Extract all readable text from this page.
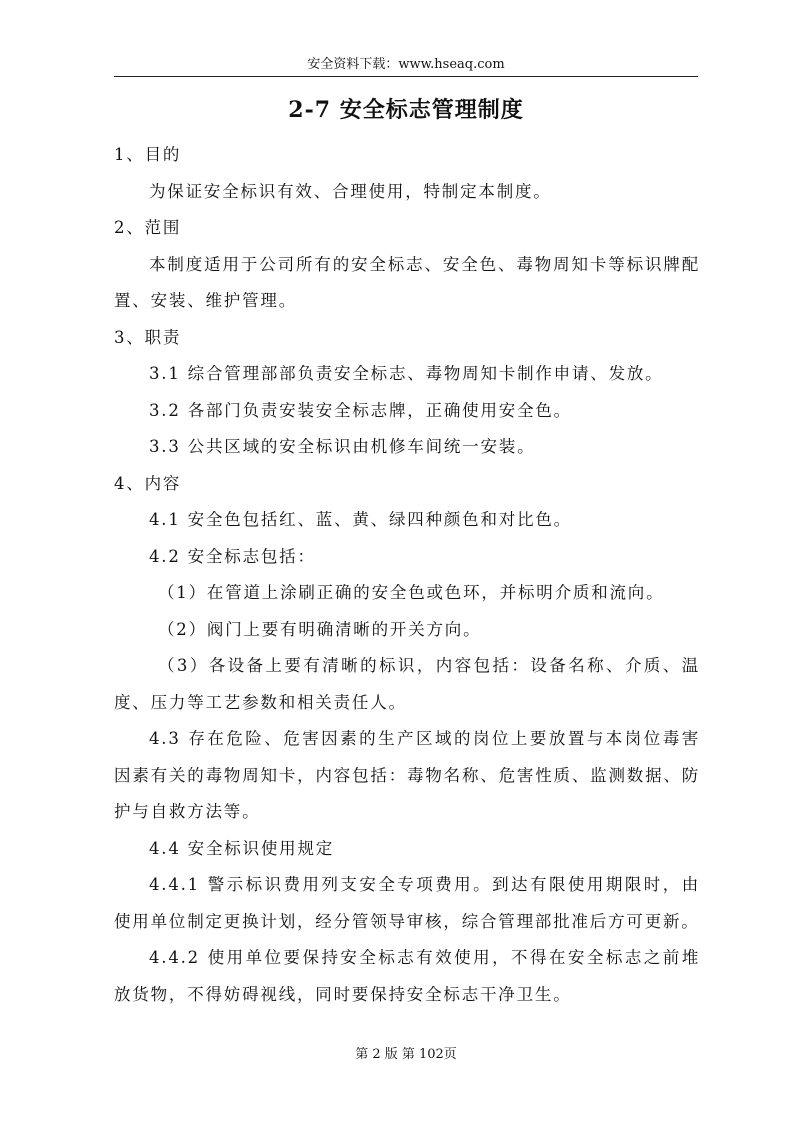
安全资料下载：www.hseaq.com
2-7 安全标志管理制度

1、目的

为保证安全标识有效、合理使用，特制定本制度。

2、范围

本制度适用于公司所有的安全标志、安全色、毒物周知卡等标识牌配置、安装、维护管理。

3、职责

3.1 综合管理部部负责安全标志、毒物周知卡制作申请、发放。

3.2 各部门负责安装安全标志牌，正确使用安全色。

3.3 公共区域的安全标识由机修车间统一安装。

4、内容

4.1 安全色包括红、蓝、黄、绿四种颜色和对比色。

4.2 安全标志包括：

（1）在管道上涂刷正确的安全色或色环，并标明介质和流向。

（2）阀门上要有明确清晰的开关方向。

（3）各设备上要有清晰的标识，内容包括：设备名称、介质、温度、压力等工艺参数和相关责任人。

4.3 存在危险、危害因素的生产区域的岗位上要放置与本岗位毒害因素有关的毒物周知卡，内容包括：毒物名称、危害性质、监测数据、防护与自救方法等。

4.4 安全标识使用规定

4.4.1 警示标识费用列支安全专项费用。到达有限使用期限时，由使用单位制定更换计划，经分管领导审核，综合管理部批准后方可更新。

4.4.2 使用单位要保持安全标志有效使用，不得在安全标志之前堆放货物，不得妨碍视线，同时要保持安全标志干净卫生。

第 2 版 第 102页
